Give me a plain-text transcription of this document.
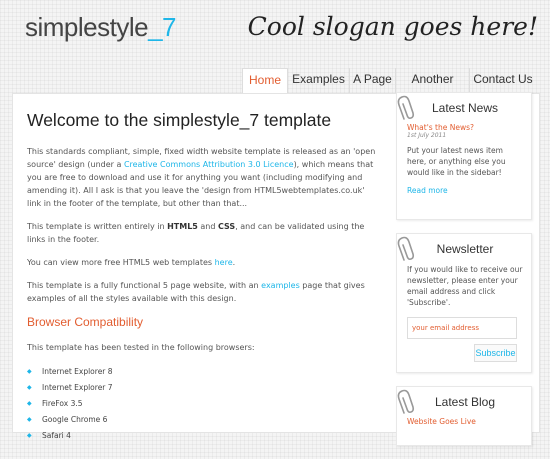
simplestyle_7	Cool slogan goes here!
Home Examples A Page	Another	Contact Us
Welcome to the simplestyle_7 template

This standards compliant, simple, fixed width website template is released as an 'open source' design (under a Creative Commons Attribution 3.0 Licence), which means that you are free to download and use it for anything you want (including modifying and amending it). All I ask is that you leave the 'design from HTML5webtemplates.co.uk' link in the footer of the template, but other than that...

This template is written entirely in HTML5 and CSS, and can be validated using the links in the footer.

You can view more free HTML5 web templates here.

This template is a fully functional 5 page website, with an examples page that gives examples of all the styles available with this design.

Browser Compatibility

This template has been tested in the following browsers:

◆ Internet Explorer 8
◆ Internet Explorer 7
◆ FireFox 3.5
◆ Google Chrome 6
◆ Safari 4
Latest News
What's the News?
1st July 2011

Put your latest news item here, or anything else you would like in the sidebar!

Read more
Newsletter

If you would like to receive our newsletter, please enter your email address and click 'Subscribe'.

your email address
Subscribe
Latest Blog
Website Goes Live
